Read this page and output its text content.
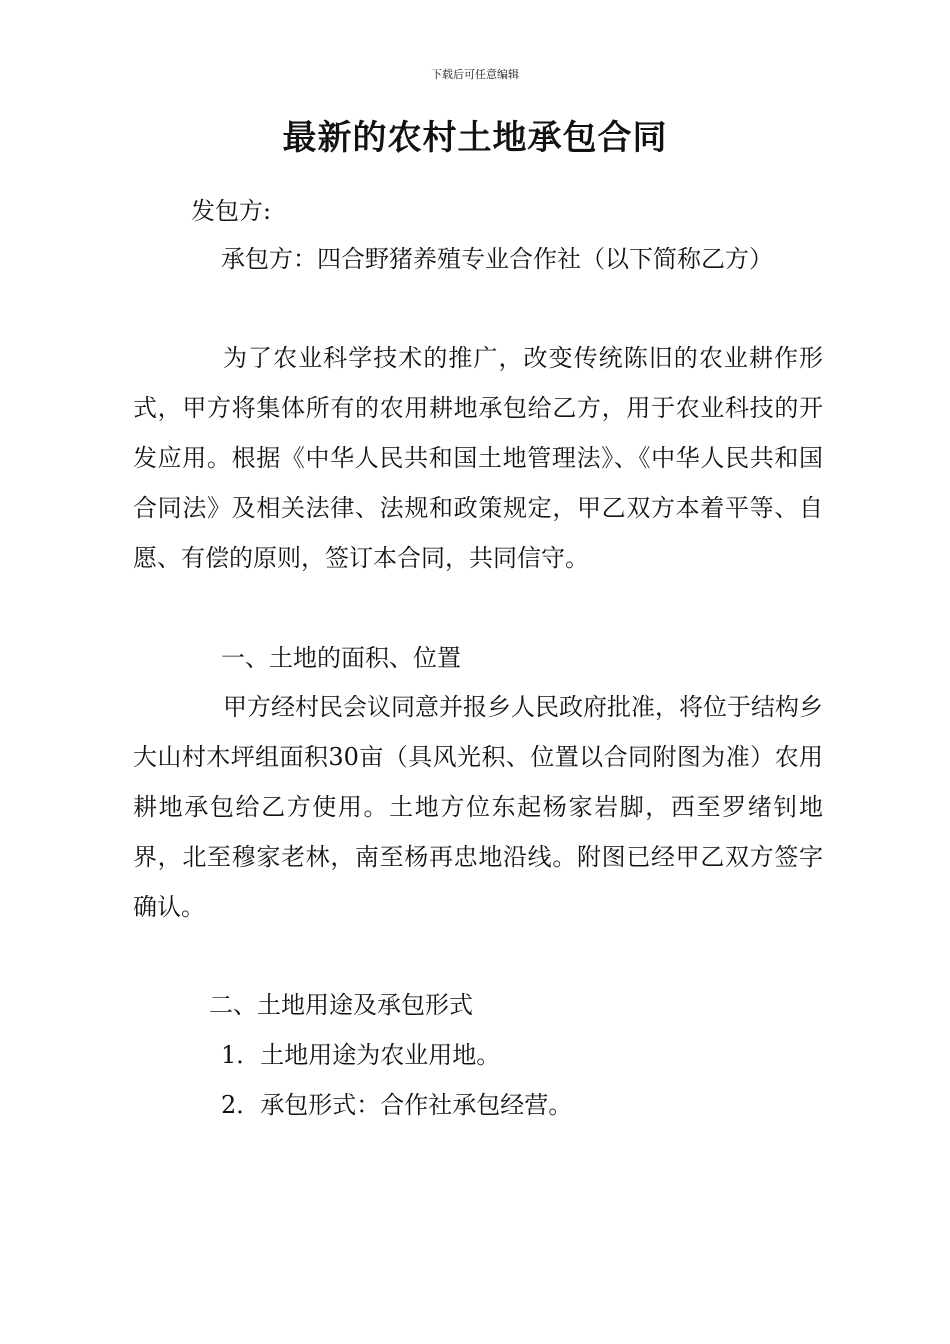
下载后可任意编辑
最新的农村土地承包合同
发包方:
承包方：四合野猪养殖专业合作社（以下简称乙方）
为了农业科学技术的推广，改变传统陈旧的农业耕作形式，甲方将集体所有的农用耕地承包给乙方，用于农业科技的开发应用。根据《中华人民共和国土地管理法》、《中华人民共和国合同法》及相关法律、法规和政策规定，甲乙双方本着平等、自愿、有偿的原则，签订本合同，共同信守。
一、土地的面积、位置
甲方经村民会议同意并报乡人民政府批准，将位于结构乡大山村木坪组面积30亩（具风光积、位置以合同附图为准）农用耕地承包给乙方使用。土地方位东起杨家岩脚，西至罗绪钊地界，北至穆家老林，南至杨再忠地沿线。附图已经甲乙双方签字确认。
二、土地用途及承包形式
1．土地用途为农业用地。
2．承包形式：合作社承包经营。
